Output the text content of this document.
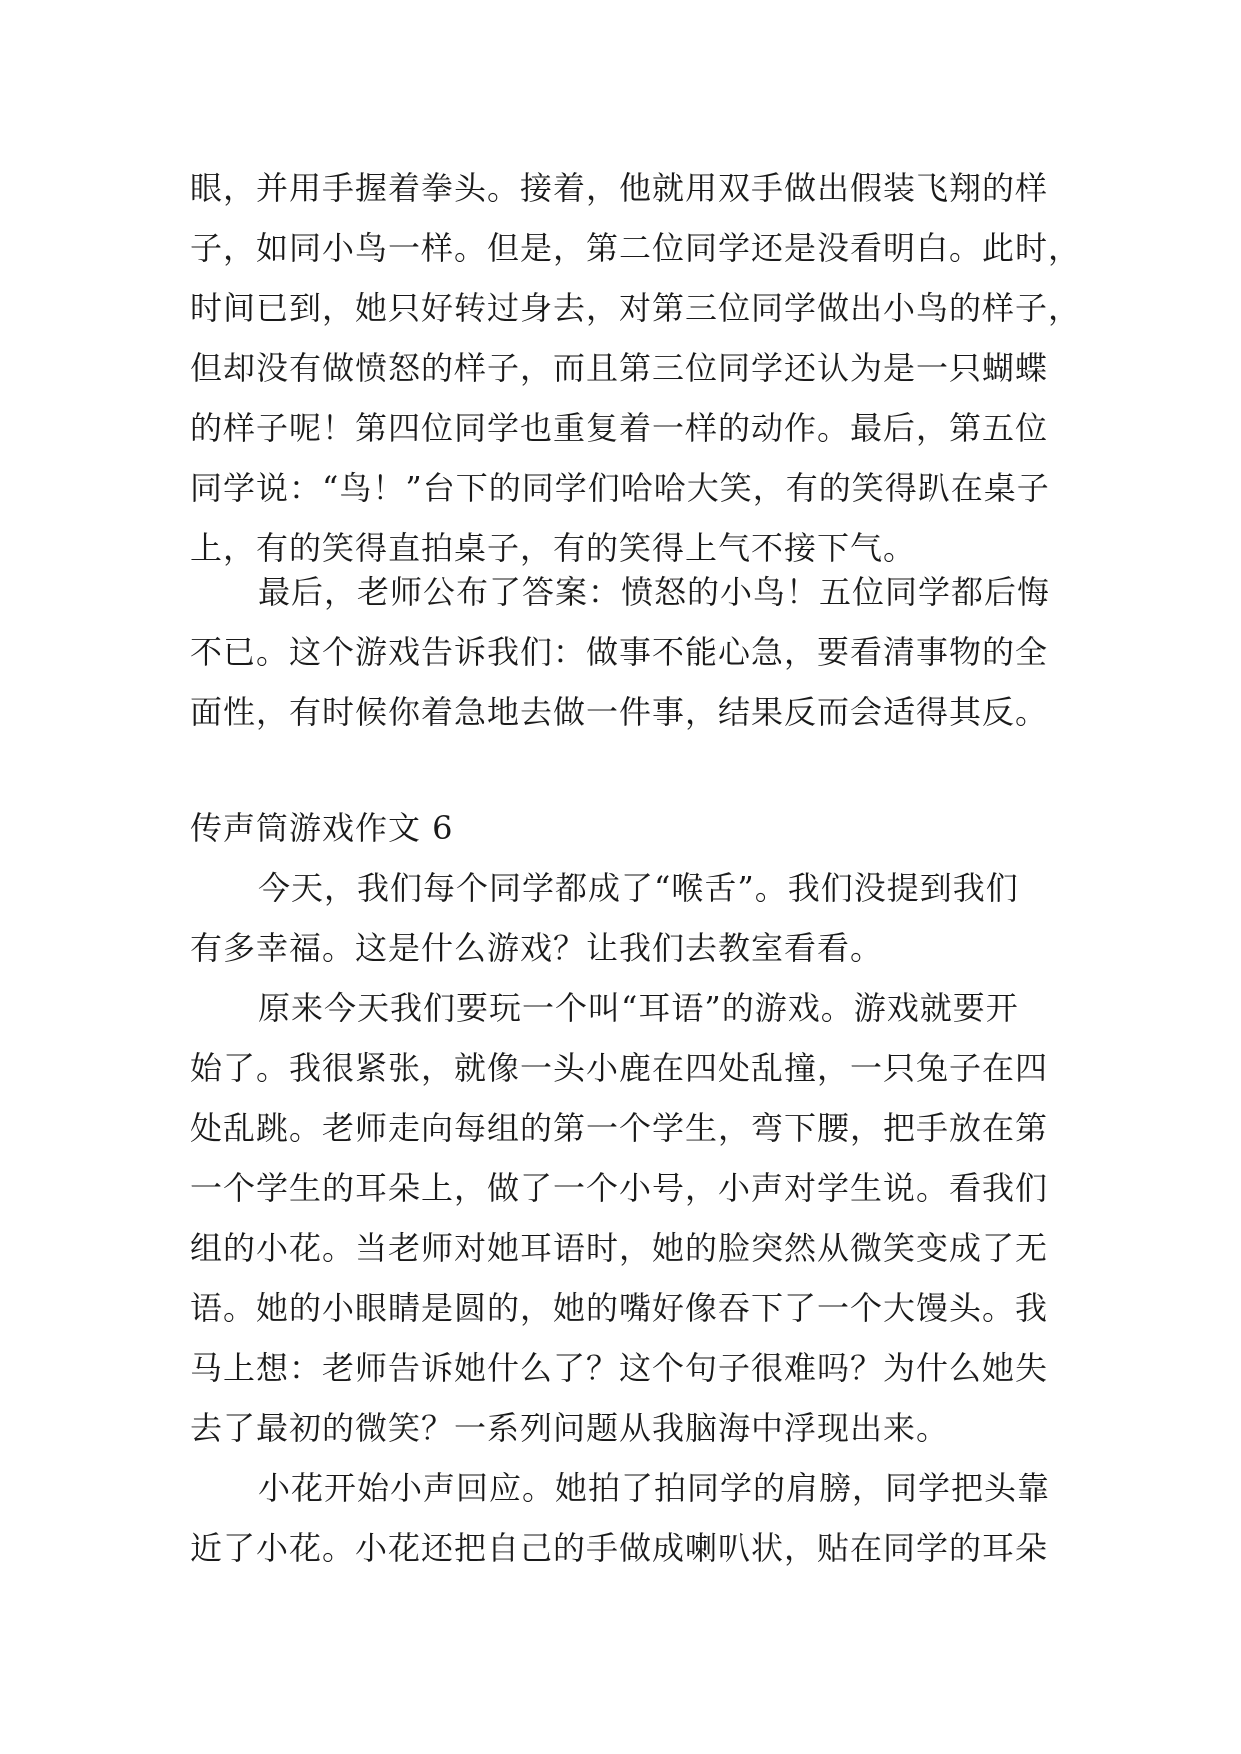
眼，并用手握着拳头。接着，他就用双手做出假装飞翔的样
子，如同小鸟一样。但是，第二位同学还是没看明白。此时，
时间已到，她只好转过身去，对第三位同学做出小鸟的样子，
但却没有做愤怒的样子，而且第三位同学还认为是一只蝴蝶
的样子呢！第四位同学也重复着一样的动作。最后，第五位
同学说：“鸟！”台下的同学们哈哈大笑，有的笑得趴在桌子
上，有的笑得直拍桌子，有的笑得上气不接下气。
最后，老师公布了答案：愤怒的小鸟！五位同学都后悔
不已。这个游戏告诉我们：做事不能心急，要看清事物的全
面性，有时候你着急地去做一件事，结果反而会适得其反。
传声筒游戏作文 6
今天，我们每个同学都成了“喉舌”。我们没提到我们
有多幸福。这是什么游戏？让我们去教室看看。
原来今天我们要玩一个叫“耳语”的游戏。游戏就要开
始了。我很紧张，就像一头小鹿在四处乱撞，一只兔子在四
处乱跳。老师走向每组的第一个学生，弯下腰，把手放在第
一个学生的耳朵上，做了一个小号，小声对学生说。看我们
组的小花。当老师对她耳语时，她的脸突然从微笑变成了无
语。她的小眼睛是圆的，她的嘴好像吞下了一个大馒头。我
马上想：老师告诉她什么了？这个句子很难吗？为什么她失
去了最初的微笑？一系列问题从我脑海中浮现出来。
小花开始小声回应。她拍了拍同学的肩膀，同学把头靠
近了小花。小花还把自己的手做成喇叭状，贴在同学的耳朵
